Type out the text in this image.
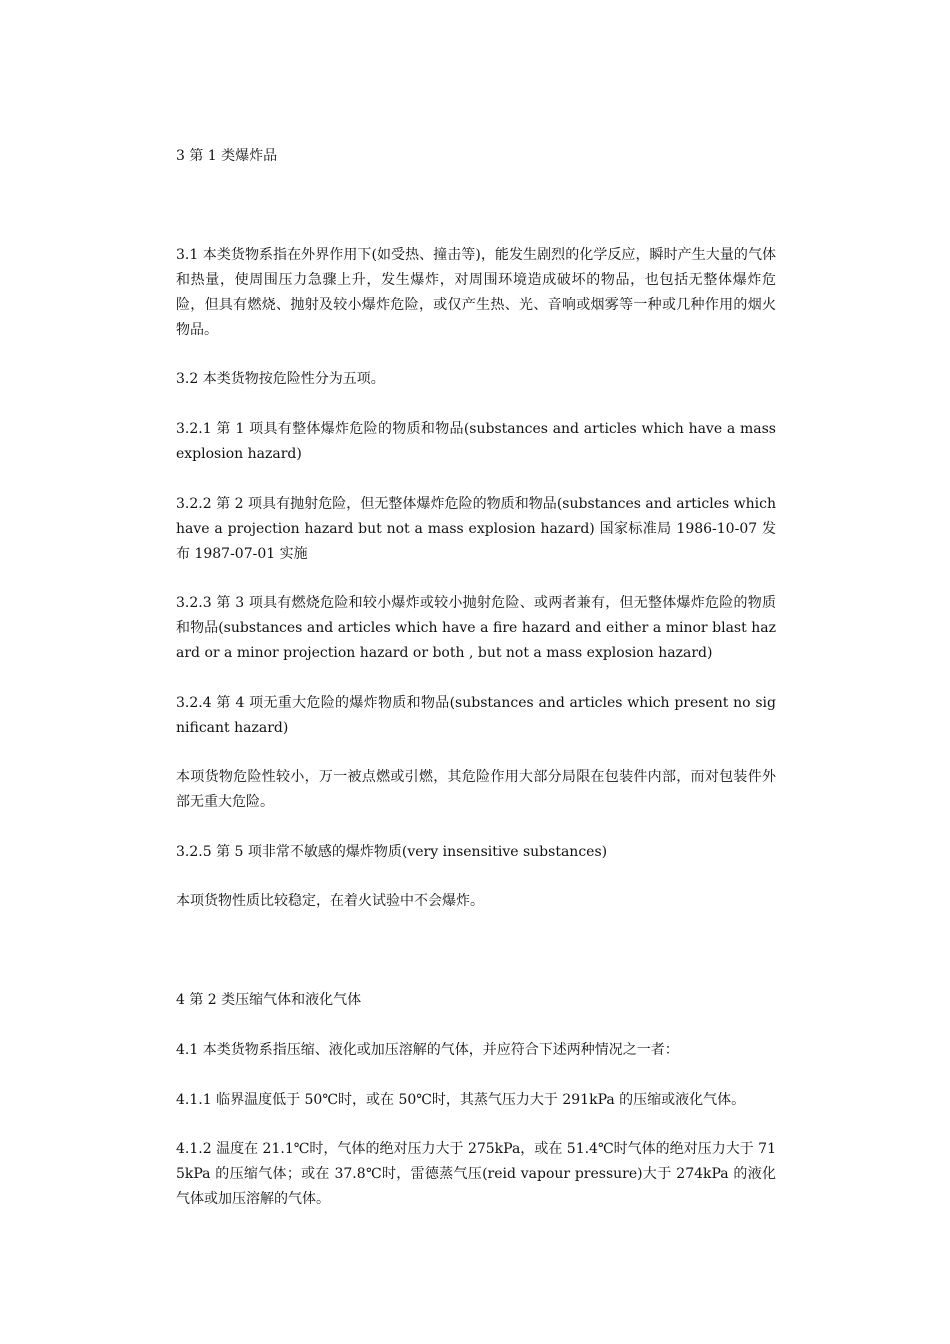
3 第 1 类爆炸品

3.1 本类货物系指在外界作用下(如受热、撞击等)，能发生剧烈的化学反应，瞬时产生大量的气体和热量，使周围压力急骤上升，发生爆炸，对周围环境造成破坏的物品，也包括无整体爆炸危险，但具有燃烧、抛射及较小爆炸危险，或仅产生热、光、音响或烟雾等一种或几种作用的烟火物品。

3.2 本类货物按危险性分为五项。

3.2.1 第 1 项具有整体爆炸危险的物质和物品(substances and articles which have a mass explosion hazard)

3.2.2 第 2 项具有抛射危险，但无整体爆炸危险的物质和物品(substances and articles which have a projection hazard but not a mass explosion hazard) 国家标准局 1986-10-07 发布 1987-07-01 实施

3.2.3 第 3 项具有燃烧危险和较小爆炸或较小抛射危险、或两者兼有，但无整体爆炸危险的物质和物品(substances and articles which have a fire hazard and either a minor blast hazard or a minor projection hazard or both , but not a mass explosion hazard)

3.2.4 第 4 项无重大危险的爆炸物质和物品(substances and articles which present no significant hazard)

本项货物危险性较小，万一被点燃或引燃，其危险作用大部分局限在包装件内部，而对包装件外部无重大危险。

3.2.5 第 5 项非常不敏感的爆炸物质(very insensitive substances)

本项货物性质比较稳定，在着火试验中不会爆炸。

4 第 2 类压缩气体和液化气体

4.1 本类货物系指压缩、液化或加压溶解的气体，并应符合下述两种情况之一者：

4.1.1 临界温度低于 50℃时，或在 50℃时，其蒸气压力大于 291kPa 的压缩或液化气体。

4.1.2 温度在 21.1℃时，气体的绝对压力大于 275kPa，或在 51.4℃时气体的绝对压力大于 715kPa 的压缩气体；或在 37.8℃时，雷德蒸气压(reid vapour pressure)大于 274kPa 的液化气体或加压溶解的气体。
